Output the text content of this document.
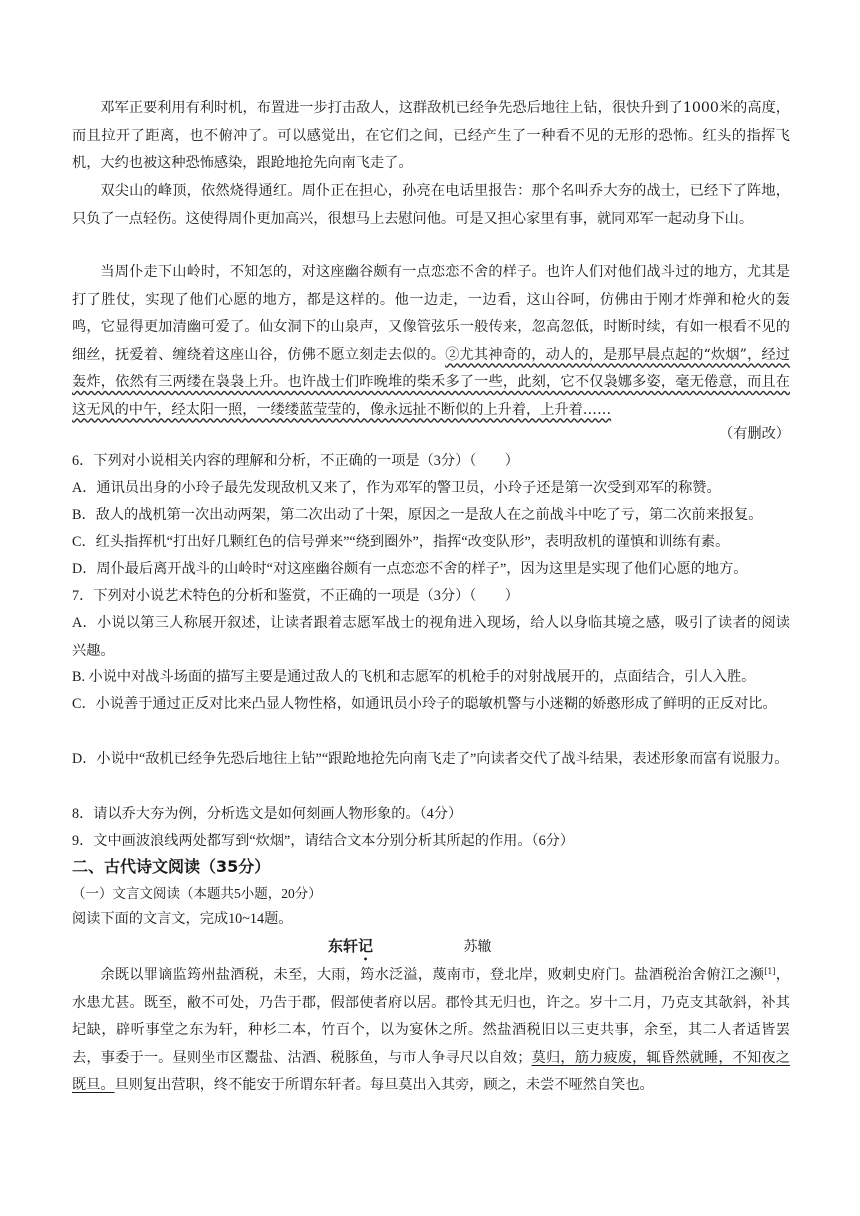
邓军正要利用有利时机，布置进一步打击敌人，这群敌机已经争先恐后地往上钻，很快升到了1000米的高度，而且拉开了距离，也不俯冲了。可以感觉出，在它们之间，已经产生了一种看不见的无形的恐怖。红头的指挥飞机，大约也被这种恐怖感染，跟跄地抢先向南飞走了。

双尖山的峰顶，依然烧得通红。周仆正在担心，孙亮在电话里报告：那个名叫乔大夯的战士，已经下了阵地，只负了一点轻伤。这使得周仆更加高兴，很想马上去慰问他。可是又担心家里有事，就同邓军一起动身下山。

当周仆走下山岭时，不知怎的，对这座幽谷颇有一点恋恋不舍的样子。也许人们对他们战斗过的地方，尤其是打了胜仗，实现了他们心愿的地方，都是这样的。他一边走，一边看，这山谷呵，仿佛由于刚才炸弹和枪火的轰鸣，它显得更加清幽可爱了。仙女洞下的山泉声，又像管弦乐一般传来，忽高忽低，时断时续，有如一根看不见的细丝，抚爱着、缠绕着这座山谷，仿佛不愿立刻走去似的。②尤其神奇的，动人的，是那早晨点起的“炊烟”，经过轰炸，依然有三两缕在袅袅上升。也许战士们昨晚堆的柴禾多了一些，此刻，它不仅袅娜多姿，毫无倦意，而且在这无风的中午，经太阳一照，一缕缕蓝莹莹的，像永远扯不断似的上升着，上升着……

（有删改）

6．下列对小说相关内容的理解和分析，不正确的一项是（3分）（　　）

A．通讯员出身的小玲子最先发现敌机又来了，作为邓军的警卫员，小玲子还是第一次受到邓军的称赞。

B．敌人的战机第一次出动两架，第二次出动了十架，原因之一是敌人在之前战斗中吃了亏，第二次前来报复。

C．红头指挥机“打出好几颗红色的信号弹来”“绕到圈外”，指挥“改变队形”，表明敌机的谨慎和训练有素。

D．周仆最后离开战斗的山岭时“对这座幽谷颇有一点恋恋不舍的样子”，因为这里是实现了他们心愿的地方。

7．下列对小说艺术特色的分析和鉴赏，不正确的一项是（3分）（　　）

A．小说以第三人称展开叙述，让读者跟着志愿军战士的视角进入现场，给人以身临其境之感，吸引了读者的阅读兴趣。

B. 小说中对战斗场面的描写主要是通过敌人的飞机和志愿军的机枪手的对射战展开的，点面结合，引人入胜。

C．小说善于通过正反对比来凸显人物性格，如通讯员小玲子的聪敏机警与小迷糊的娇憨形成了鲜明的正反对比。

D．小说中“敌机已经争先恐后地往上钻”“跟跄地抢先向南飞走了”向读者交代了战斗结果，表述形象而富有说服力。

8．请以乔大夯为例，分析选文是如何刻画人物形象的。（4分）

9．文中画波浪线两处都写到“炊烟”，请结合文本分别分析其所起的作用。（6分）

二、古代诗文阅读（35分）

（一）文言文阅读（本题共5小题，20分）

阅读下面的文言文，完成10~14题。

东轩记	苏辙

余既以罪谪监筠州盐酒税，未至，大雨，筠水泛溢，蔑南市，登北岸，败刺史府门。盐酒税治舍俯江之濒[1]，水患尤甚。既至，敝不可处，乃告于郡，假部使者府以居。郡怜其无归也，许之。岁十二月，乃克支其欹斜，补其圮缺，辟听事堂之东为轩，种杉二本，竹百个，以为宴休之所。然盐酒税旧以三吏共事，余至，其二人者适皆罢去，事委于一。昼则坐市区鬻盐、沽酒、税豚鱼，与市人争寻尺以自效；莫归，筋力疲废，辄昏然就睡，不知夜之既旦。旦则复出营职，终不能安于所谓东轩者。每旦莫出入其旁，顾之，未尝不哑然自笑也。
